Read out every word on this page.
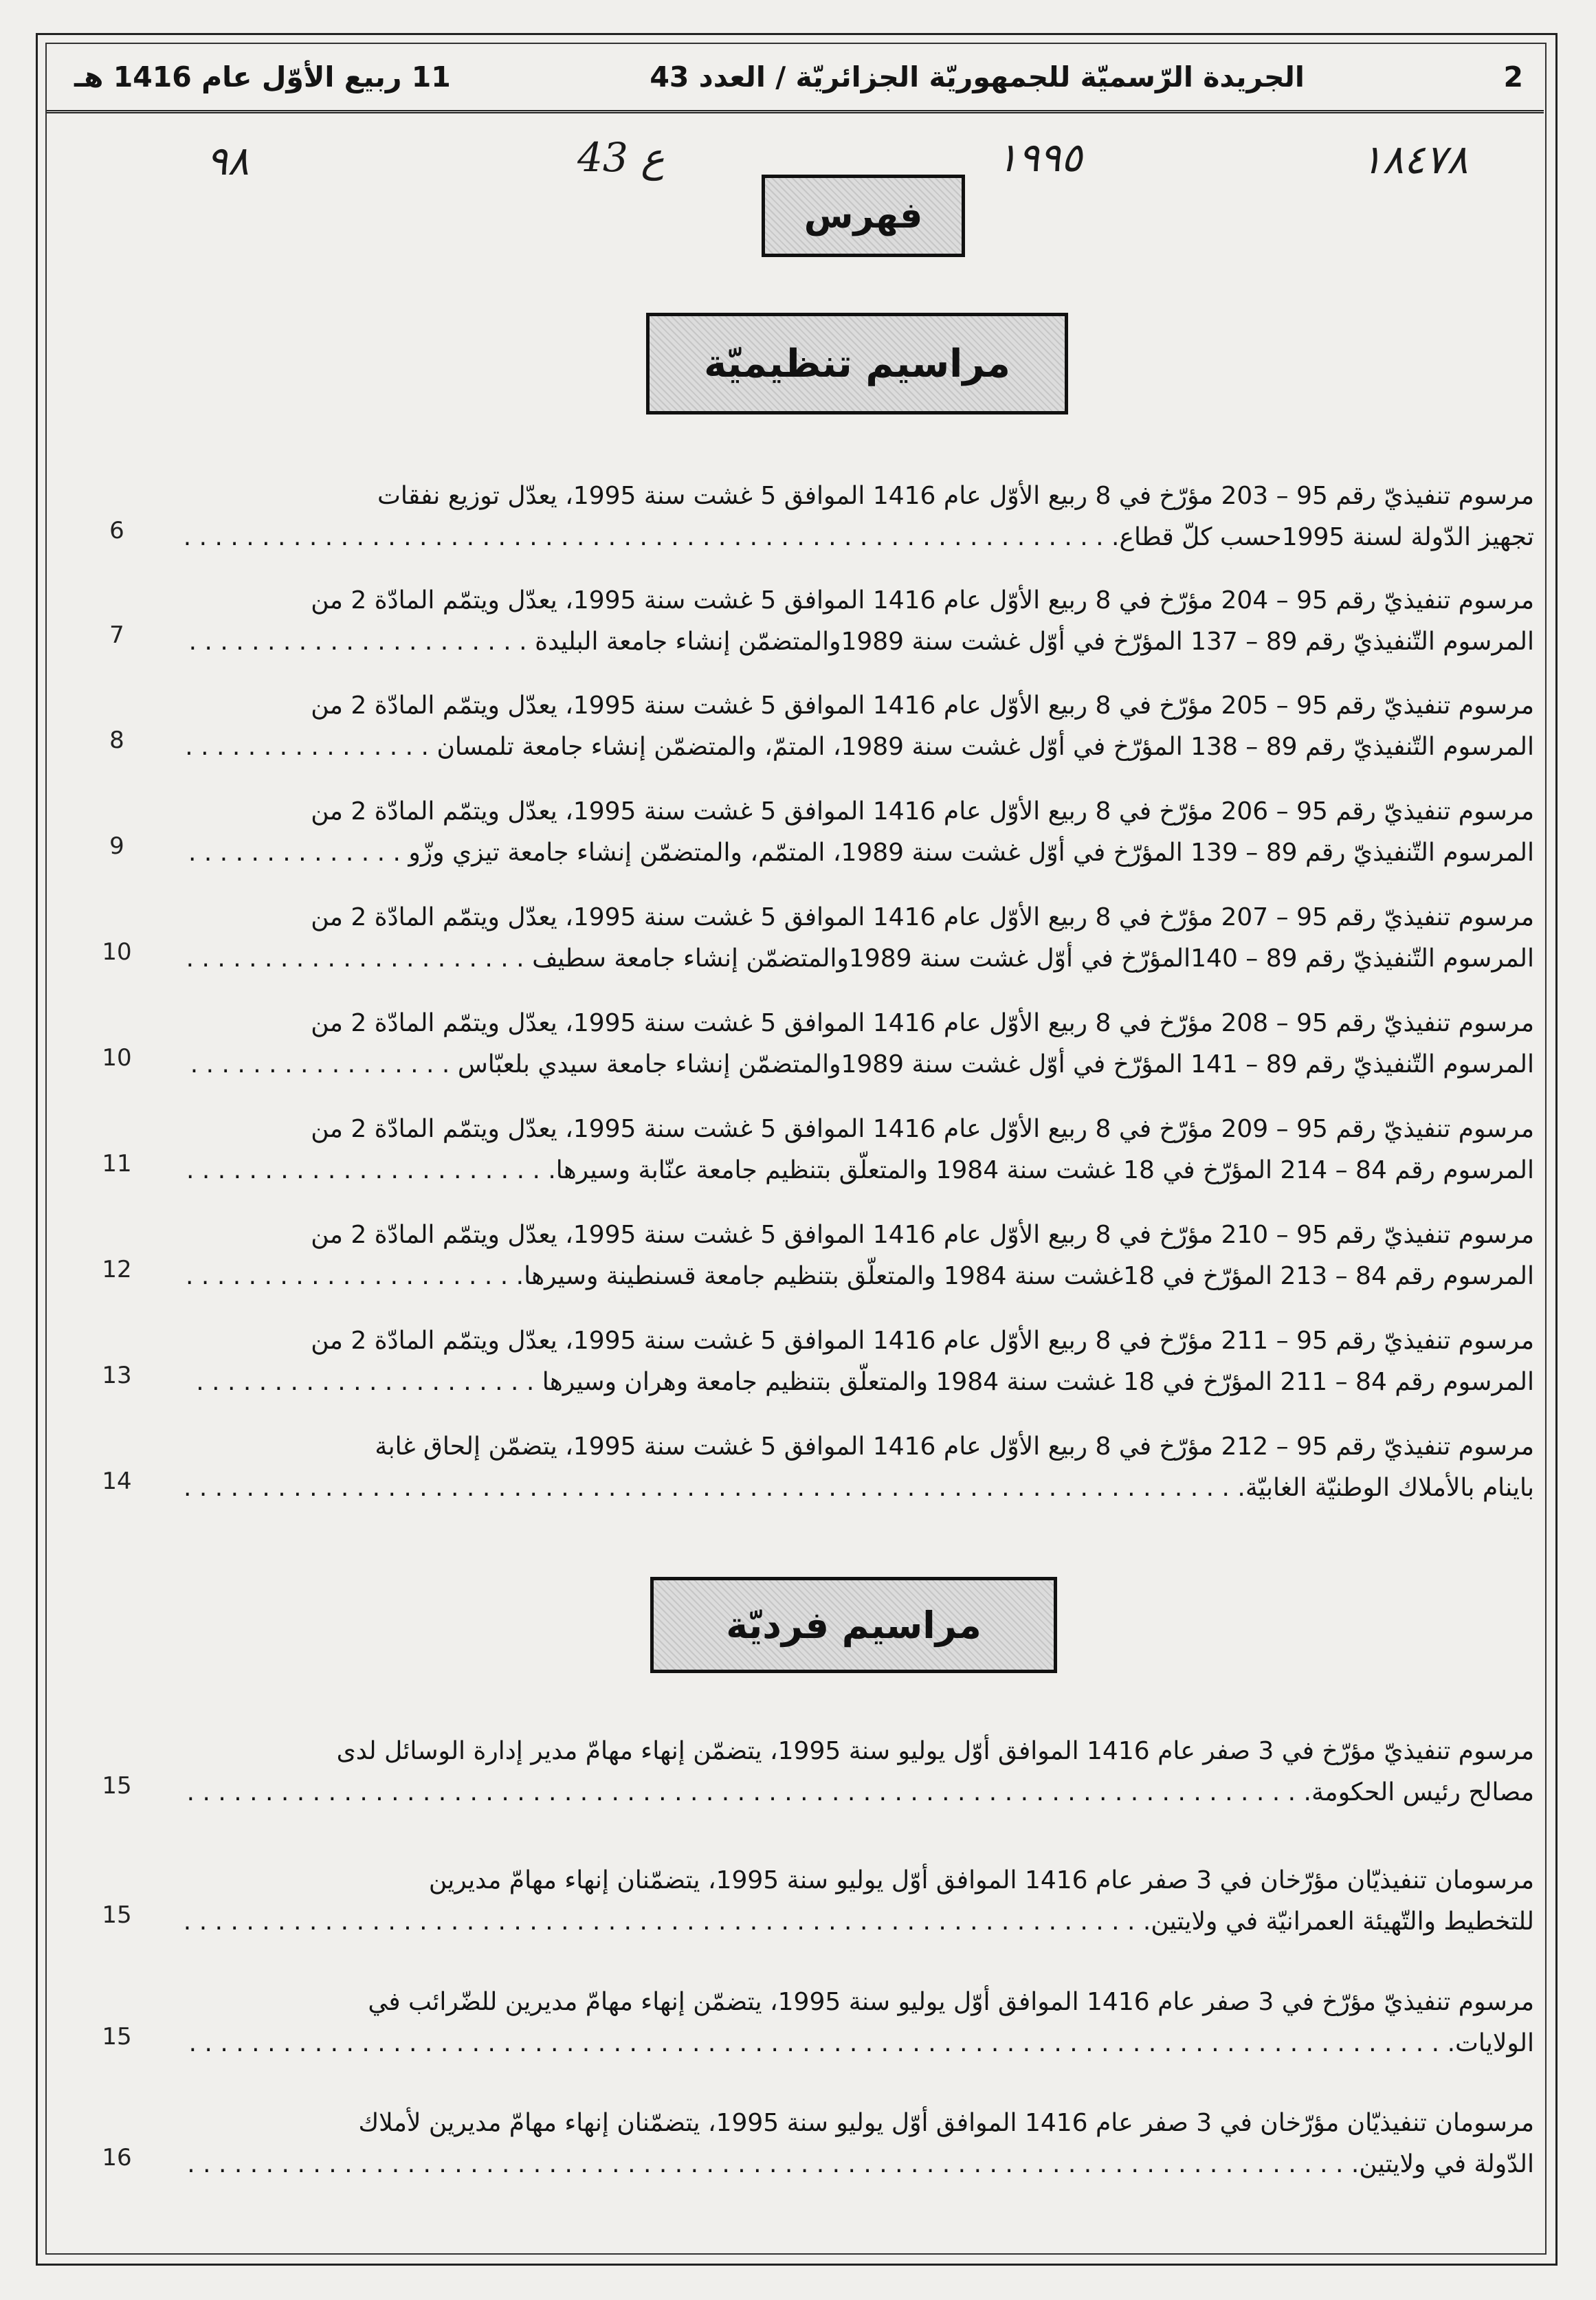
2
الجريدة الرّسميّة للجمهوريّة الجزائريّة / العدد 43
11 ربيع الأوّل عام 1416 هـ
٩٨	43 ع	١٩٩٥	١٨٤٧٨
فهرس
مراسيم تنظيميّة
مراسيم فرديّة
مرسوم تنفيذيّ رقم 95 – 203 مؤرّخ في 8 ربيع الأوّل عام 1416 الموافق 5 غشت سنة 1995، يعدّل توزيع نفقات
تجهيز الدّولة لسنة 1995حسب كلّ قطاع. . . .
6
مرسوم تنفيذيّ رقم 95 – 204 مؤرّخ في 8 ربيع الأوّل عام 1416 الموافق 5 غشت سنة 1995، يعدّل ويتمّم المادّة 2 من
المرسوم التّنفيذيّ رقم 89 – 137 المؤرّخ في أوّل غشت سنة 1989والمتضمّن إنشاء جامعة البليدة . . .
7
مرسوم تنفيذيّ رقم 95 – 205 مؤرّخ في 8 ربيع الأوّل عام 1416 الموافق 5 غشت سنة 1995، يعدّل ويتمّم المادّة 2 من
المرسوم التّنفيذيّ رقم 89 – 138 المؤرّخ في أوّل غشت سنة 1989، المتمّ، والمتضمّن إنشاء جامعة تلمسان . . .
8
مرسوم تنفيذيّ رقم 95 – 206 مؤرّخ في 8 ربيع الأوّل عام 1416 الموافق 5 غشت سنة 1995، يعدّل ويتمّم المادّة 2 من
المرسوم التّنفيذيّ رقم 89 – 139 المؤرّخ في أوّل غشت سنة 1989، المتمّم، والمتضمّن إنشاء جامعة تيزي وزّو . . .
9
مرسوم تنفيذيّ رقم 95 – 207 مؤرّخ في 8 ربيع الأوّل عام 1416 الموافق 5 غشت سنة 1995، يعدّل ويتمّم المادّة 2 من
المرسوم التّنفيذيّ رقم 89 – 140المؤرّخ في أوّل غشت سنة 1989والمتضمّن إنشاء جامعة سطيف . . .
10
مرسوم تنفيذيّ رقم 95 – 208 مؤرّخ في 8 ربيع الأوّل عام 1416 الموافق 5 غشت سنة 1995، يعدّل ويتمّم المادّة 2 من
المرسوم التّنفيذيّ رقم 89 – 141 المؤرّخ في أوّل غشت سنة 1989والمتضمّن إنشاء جامعة سيدي بلعبّاس . . .
10
مرسوم تنفيذيّ رقم 95 – 209 مؤرّخ في 8 ربيع الأوّل عام 1416 الموافق 5 غشت سنة 1995، يعدّل ويتمّم المادّة 2 من
المرسوم رقم 84 – 214 المؤرّخ في 18 غشت سنة 1984 والمتعلّق بتنظيم جامعة عنّابة وسيرها. . . .
11
مرسوم تنفيذيّ رقم 95 – 210 مؤرّخ في 8 ربيع الأوّل عام 1416 الموافق 5 غشت سنة 1995، يعدّل ويتمّم المادّة 2 من
المرسوم رقم 84 – 213 المؤرّخ في 18غشت سنة 1984 والمتعلّق بتنظيم جامعة قسنطينة وسيرها. . . .
12
مرسوم تنفيذيّ رقم 95 – 211 مؤرّخ في 8 ربيع الأوّل عام 1416 الموافق 5 غشت سنة 1995، يعدّل ويتمّم المادّة 2 من
المرسوم رقم 84 – 211 المؤرّخ في 18 غشت سنة 1984 والمتعلّق بتنظيم جامعة وهران وسيرها . . .
13
مرسوم تنفيذيّ رقم 95 – 212 مؤرّخ في 8 ربيع الأوّل عام 1416 الموافق 5 غشت سنة 1995، يتضمّن إلحاق غابة
باينام بالأملاك الوطنيّة الغابيّة. . . .
14
مرسوم تنفيذيّ مؤرّخ في 3 صفر عام 1416 الموافق أوّل يوليو سنة 1995، يتضمّن إنهاء مهامّ مدير إدارة الوسائل لدى
مصالح رئيس الحكومة. . . .
15
مرسومان تنفيذيّان مؤرّخان في 3 صفر عام 1416 الموافق أوّل يوليو سنة 1995، يتضمّنان إنهاء مهامّ مديرين
للتخطيط والتّهيئة العمرانيّة في ولايتين. . . .
15
مرسوم تنفيذيّ مؤرّخ في 3 صفر عام 1416 الموافق أوّل يوليو سنة 1995، يتضمّن إنهاء مهامّ مديرين للضّرائب في
الولايات. . . .
15
مرسومان تنفيذيّان مؤرّخان في 3 صفر عام 1416 الموافق أوّل يوليو سنة 1995، يتضمّنان إنهاء مهامّ مديرين لأملاك
الدّولة في ولايتين. . . .
16
